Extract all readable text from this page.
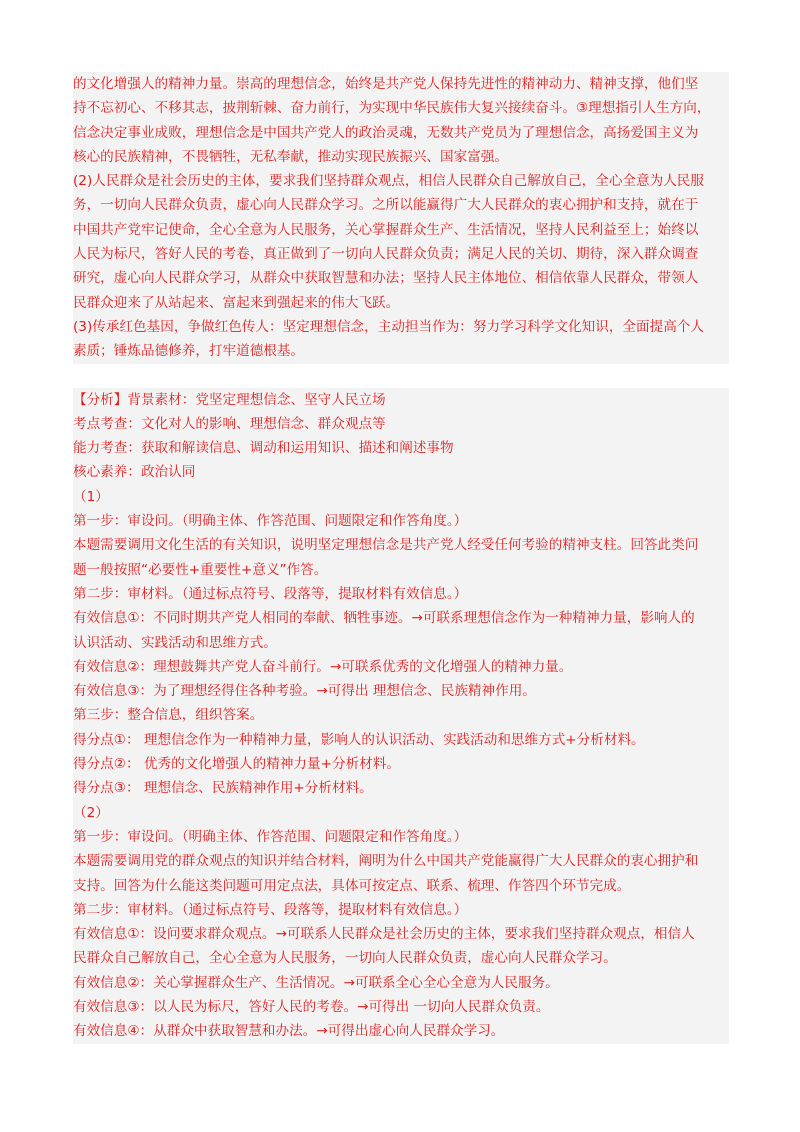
的文化增强人的精神力量。崇高的理想信念，始终是共产党人保持先进性的精神动力、精神支撑，他们坚
持不忘初心、不移其志，披荆斩棘、奋力前行，为实现中华民族伟大复兴接续奋斗。③理想指引人生方向，
信念决定事业成败，理想信念是中国共产党人的政治灵魂，无数共产党员为了理想信念，高扬爱国主义为
核心的民族精神，不畏牺牲，无私奉献，推动实现民族振兴、国家富强。
(2)人民群众是社会历史的主体，要求我们坚持群众观点，相信人民群众自己解放自己，全心全意为人民服
务，一切向人民群众负责，虚心向人民群众学习。之所以能赢得广大人民群众的衷心拥护和支持，就在于
中国共产党牢记使命，全心全意为人民服务，关心掌握群众生产、生活情况，坚持人民利益至上；始终以
人民为标尺，答好人民的考卷，真正做到了一切向人民群众负责；满足人民的关切、期待，深入群众调查
研究，虚心向人民群众学习，从群众中获取智慧和办法；坚持人民主体地位、相信依靠人民群众，带领人
民群众迎来了从站起来、富起来到强起来的伟大飞跃。
(3)传承红色基因，争做红色传人：坚定理想信念，主动担当作为：努力学习科学文化知识，全面提高个人
素质；锤炼品德修养，打牢道德根基。
【分析】背景素材：党坚定理想信念、坚守人民立场
考点考查：文化对人的影响、理想信念、群众观点等
能力考查：获取和解读信息、调动和运用知识、描述和阐述事物
核心素养：政治认同
（1）
第一步：审设问。（明确主体、作答范围、问题限定和作答角度。）
本题需要调用文化生活的有关知识，说明坚定理想信念是共产党人经受任何考验的精神支柱。回答此类问
题一般按照“必要性+重要性+意义”作答。
第二步：审材料。（通过标点符号、段落等，提取材料有效信息。）
有效信息①：不同时期共产党人相同的奉献、牺牲事迹。→可联系理想信念作为一种精神力量，影响人的
认识活动、实践活动和思维方式。
有效信息②：理想鼓舞共产党人奋斗前行。→可联系优秀的文化增强人的精神力量。
有效信息③：为了理想经得住各种考验。→可得出 理想信念、民族精神作用。
第三步：整合信息，组织答案。
得分点①： 理想信念作为一种精神力量，影响人的认识活动、实践活动和思维方式+分析材料。
得分点②： 优秀的文化增强人的精神力量+分析材料。
得分点③： 理想信念、民族精神作用+分析材料。
（2）
第一步：审设问。（明确主体、作答范围、问题限定和作答角度。）
本题需要调用党的群众观点的知识并结合材料，阐明为什么中国共产党能赢得广大人民群众的衷心拥护和
支持。回答为什么能这类问题可用定点法，具体可按定点、联系、梳理、作答四个环节完成。
第二步：审材料。（通过标点符号、段落等，提取材料有效信息。）
有效信息①：设问要求群众观点。→可联系人民群众是社会历史的主体，要求我们坚持群众观点，相信人
民群众自己解放自己，全心全意为人民服务，一切向人民群众负责，虚心向人民群众学习。
有效信息②：关心掌握群众生产、生活情况。→可联系全心全心全意为人民服务。
有效信息③：以人民为标尺，答好人民的考卷。→可得出 一切向人民群众负责。
有效信息④：从群众中获取智慧和办法。→可得出虚心向人民群众学习。
